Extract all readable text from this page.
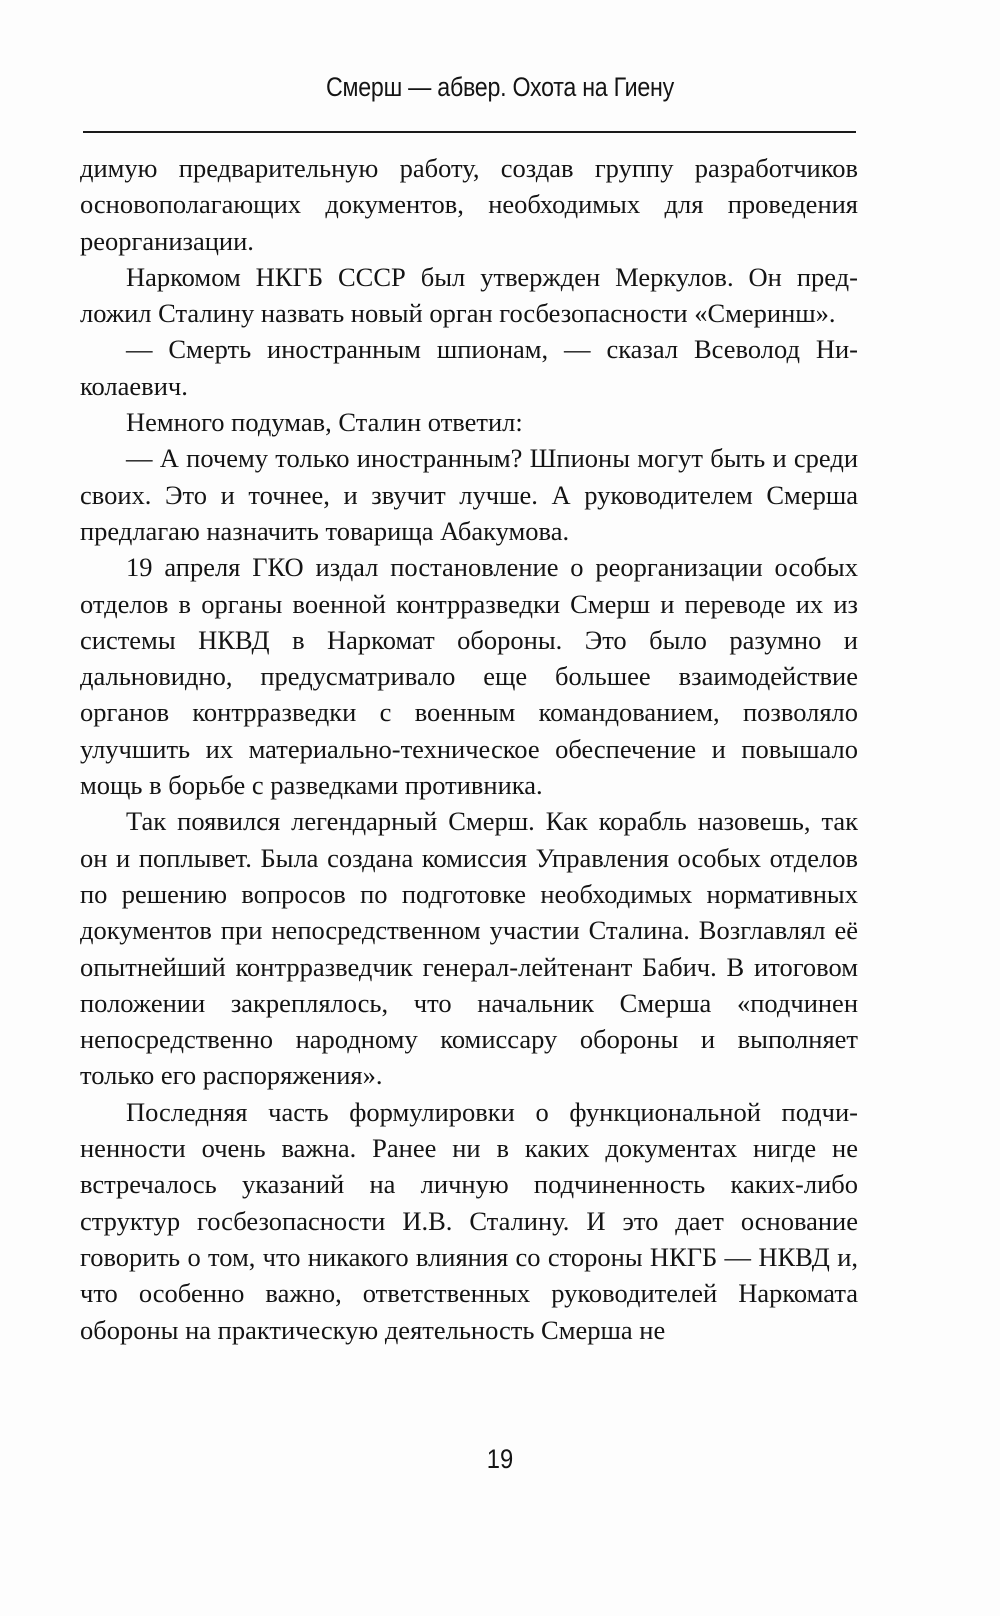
Смерш — абвер. Охота на Гиену

димую предварительную работу, создав группу разработчиков основополагающих документов, необходимых для проведения реорганизации.

Наркомом НКГБ СССР был утвержден Меркулов. Он предложил Сталину назвать новый орган госбезопасности «Смеринш».

— Смерть иностранным шпионам, — сказал Всеволод Николаевич.

Немного подумав, Сталин ответил:

— А почему только иностранным? Шпионы могут быть и среди своих. Это и точнее, и звучит лучше. А руководителем Смерша предлагаю назначить товарища Абакумова.

19 апреля ГКО издал постановление о реорганизации особых отделов в органы военной контрразведки Смерш и переводе их из системы НКВД в Наркомат обороны. Это было разумно и дальновидно, предусматривало еще большее взаимодействие органов контрразведки с военным командованием, позволяло улучшить их материально-техническое обеспечение и повышало мощь в борьбе с разведками противника.

Так появился легендарный Смерш. Как корабль назовешь, так он и поплывет. Была создана комиссия Управления особых отделов по решению вопросов по подготовке необходимых нормативных документов при непосредственном участии Сталина. Возглавлял её опытнейший контрразведчик генерал-лейтенант Бабич. В итоговом положении закреплялось, что начальник Смерша «подчинен непосредственно народному комиссару обороны и выполняет только его распоряжения».

Последняя часть формулировки о функциональной подчиненности очень важна. Ранее ни в каких документах нигде не встречалось указаний на личную подчиненность каких-либо структур госбезопасности И.В. Сталину. И это дает основание говорить о том, что никакого влияния со стороны НКГБ — НКВД и, что особенно важно, ответственных руководителей Наркомата обороны на практическую деятельность Смерша не

19
